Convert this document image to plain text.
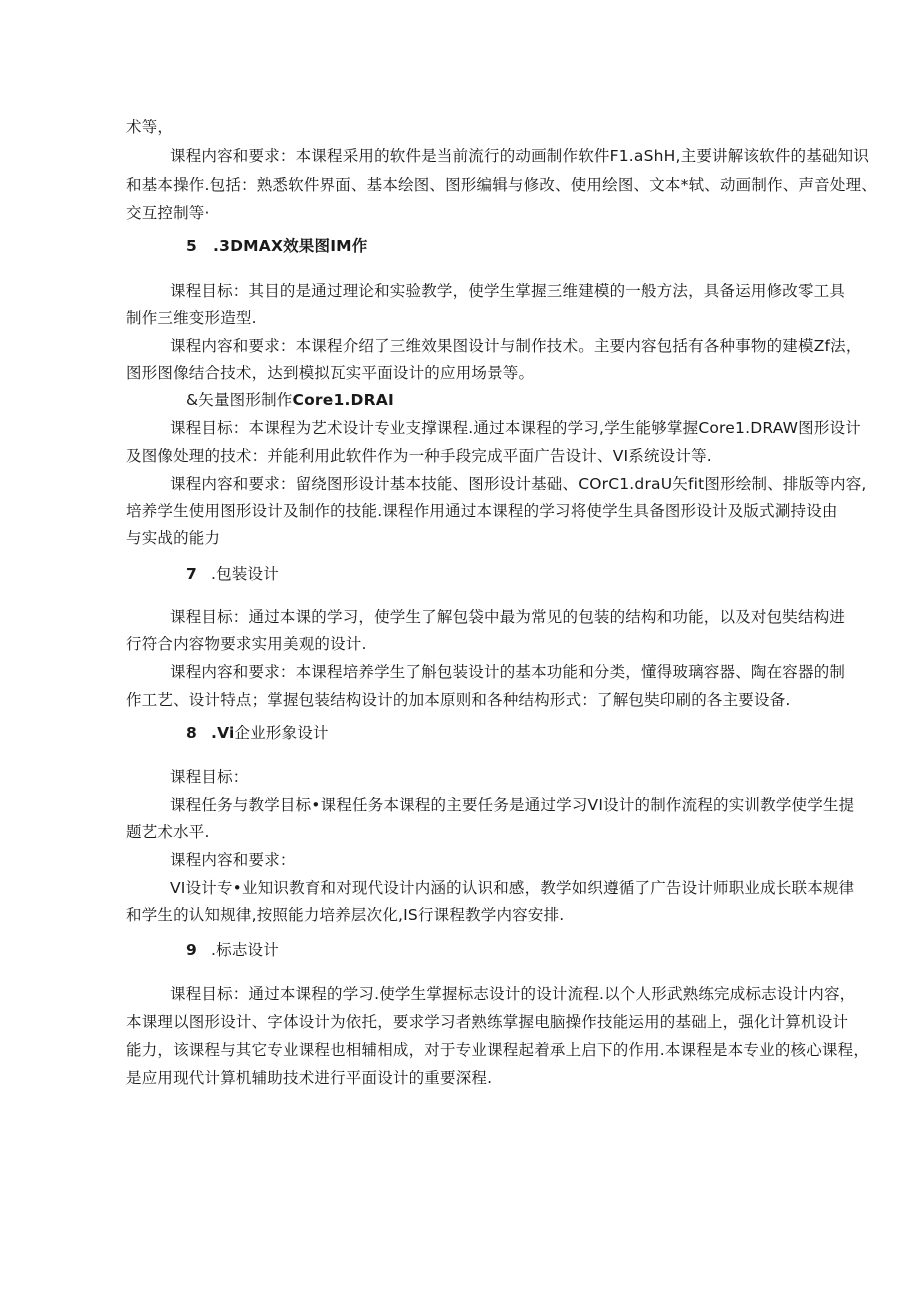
术等，
课程内容和要求：本课程采用的软件是当前流行的动画制作软件F1.aShH,主要讲解该软件的基础知识
和基本操作.包括：熟悉软件界面、基本绘图、图形编辑与修改、使用绘图、文本*轼、动画制作、声音处理、
交互控制等·
5 .3DMAX效果图IM作
课程目标：其目的是通过理论和实验教学，使学生掌握三维建模的一般方法，具备运用修改零工具
制作三维变形造型.
课程内容和要求：本课程介绍了三维效果图设计与制作技术。主要内容包括有各种事物的建模Zf法，
图形图像结合技术，达到模拟瓦实平面设计的应用场景等。
&矢量图形制作Core1.DRAI
课程目标：本课程为艺术设计专业支撑课程.通过本课程的学习,学生能够掌握Core1.DRAW图形设计
及图像处理的技术：并能利用此软件作为一种手段完成平面广告设计、VI系统设计等.
课程内容和要求：留绕图形设计基本技能、图形设计基础、COrC1.draU矢fit图形绘制、排版等内容,
培养学生使用图形设计及制作的技能.课程作用通过本课程的学习将使学生具备图形设计及版式涮持设由
与实战的能力
7 .包装设计
课程目标：通过本课的学习，使学生了解包袋中最为常见的包装的结构和功能，以及对包奘结构进
行符合内容物要求实用美观的设计.
课程内容和要求：本课程培养学生了斛包装设计的基本功能和分类，懂得玻璃容器、陶在容器的制
作工艺、设计特点；掌握包装结构设计的加本原则和各种结构形式：了解包奘印刷的各主要设备.
8 .Vi企业形象设计
课程目标：
课程任务与教学目标•课程任务本课程的主要任务是通过学习VI设计的制作流程的实训教学使学生提
题艺术水平.
课程内容和要求：
VI设计专•业知识教育和对现代设计内涵的认识和感，教学如织遵循了广告设计师职业成长联本规律
和学生的认知规律,按照能力培养层次化,IS行课程教学内容安排.
9 .标志设计
课程目标：通过本课程的学习.使学生掌握标志设计的设计流程.以个人形武熟练完成标志设计内容，
本课理以图形设计、字体设计为依托，要求学习者熟练掌握电脑操作技能运用的基础上，强化计算机设计
能力，该课程与其它专业课程也相辅相成，对于专业课程起着承上启下的作用.本课程是本专业的核心课程，
是应用现代计算机辅助技术进行平面设计的重要深程.
